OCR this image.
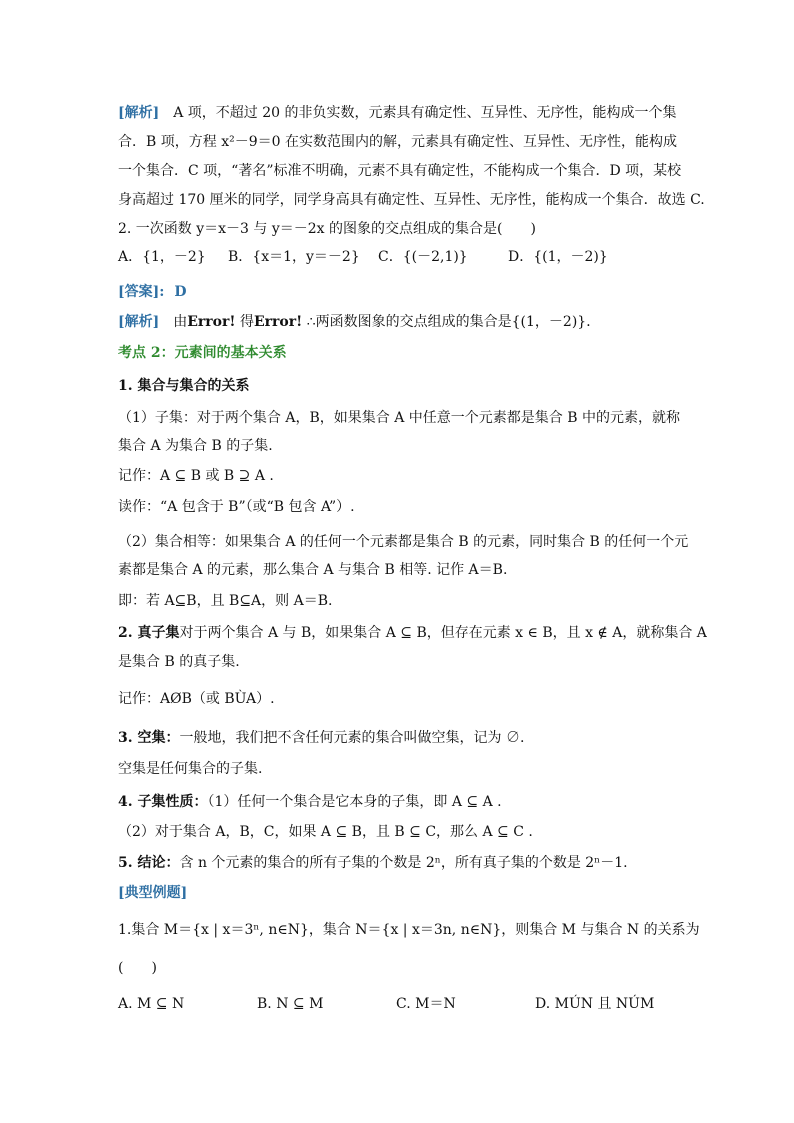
[解析]　A 项，不超过 20 的非负实数，元素具有确定性、互异性、无序性，能构成一个集
合．B 项，方程 x²－9＝0 在实数范围内的解，元素具有确定性、互异性、无序性，能构成
一个集合．C 项，“著名”标准不明确，元素不具有确定性，不能构成一个集合．D 项，某校
身高超过 170 厘米的同学，同学身高具有确定性、互异性、无序性，能构成一个集合．故选 C.
2. 一次函数 y＝x－3 与 y＝－2x 的图象的交点组成的集合是(　　)
A．{1，－2} B．{x＝1，y＝－2} C．{(－2,1)}	D．{(1，－2)}
[答案]: D
[解析]　由Error! 得Error! ∴两函数图象的交点组成的集合是{(1，－2)}．
考点 2：元素间的基本关系
1. 集合与集合的关系
（1）子集：对于两个集合 A，B，如果集合 A 中任意一个元素都是集合 B 中的元素，就称
集合 A 为集合 B 的子集.
记作：A ⊆ B 或 B ⊇ A .
读作：“A 包含于 B”（或“B 包含 A”）.
（2）集合相等：如果集合 A 的任何一个元素都是集合 B 的元素，同时集合 B 的任何一个元
素都是集合 A 的元素，那么集合 A 与集合 B 相等. 记作 A＝B.
即：若 A⊆B，且 B⊆A，则 A＝B.
2. 真子集对于两个集合 A 与 B，如果集合 A ⊆ B，但存在元素 x ∈ B，且 x ∉ A，就称集合 A
是集合 B 的真子集.
记作：AØB（或 BÙA）.
3. 空集：一般地，我们把不含任何元素的集合叫做空集，记为 ∅.
空集是任何集合的子集.
4. 子集性质：（1）任何一个集合是它本身的子集，即 A ⊆ A .
（2）对于集合 A，B，C，如果 A ⊆ B，且 B ⊆ C，那么 A ⊆ C .
5. 结论：含 n 个元素的集合的所有子集的个数是 2ⁿ，所有真子集的个数是 2ⁿ－1.
[典型例题]
1.集合 M＝{x | x＝3ⁿ, n∈N}，集合 N＝{x | x＝3n, n∈N}，则集合 M 与集合 N 的关系为
(　　)
A. M ⊆ N	B. N ⊆ M	C. M＝N	D. MÚN 且 NÚM
